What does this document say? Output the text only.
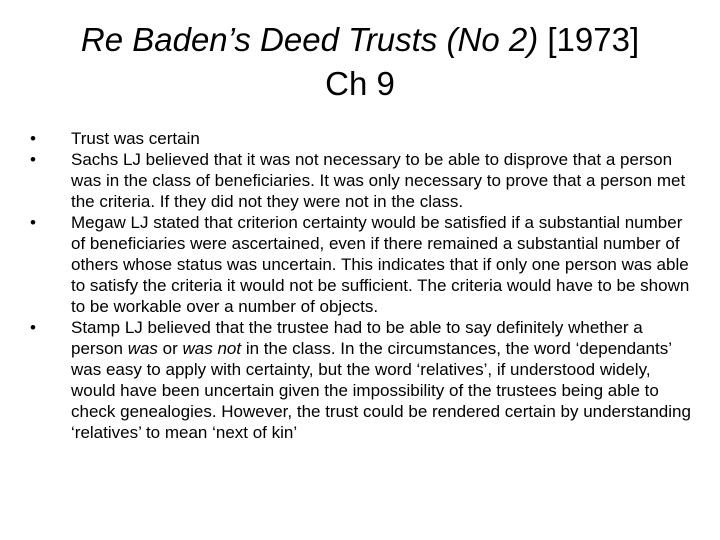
Re Baden’s Deed Trusts (No 2) [1973]
Ch 9
•	Trust was certain
•	Sachs LJ believed that it was not necessary to be able to disprove that a person was in the class of beneficiaries. It was only necessary to prove that a person met the criteria. If they did not they were not in the class.
•	Megaw LJ stated that criterion certainty would be satisfied if a substantial number of beneficiaries were ascertained, even if there remained a substantial number of others whose status was uncertain. This indicates that if only one person was able to satisfy the criteria it would not be sufficient. The criteria would have to be shown to be workable over a number of objects.
•	Stamp LJ believed that the trustee had to be able to say definitely whether a person was or was not in the class. In the circumstances, the word ‘dependants’ was easy to apply with certainty, but the word ‘relatives’, if understood widely, would have been uncertain given the impossibility of the trustees being able to check genealogies. However, the trust could be rendered certain by understanding ‘relatives’ to mean ‘next of kin’
